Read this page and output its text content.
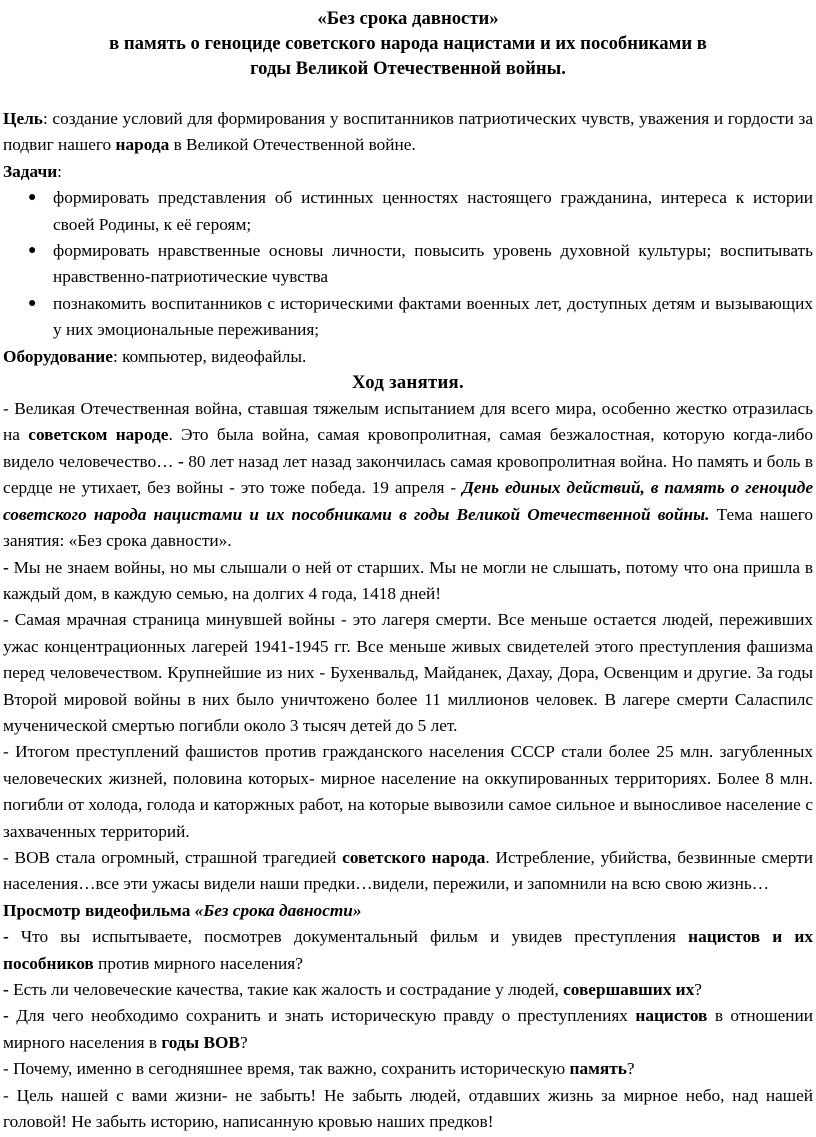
«Без срока давности»
в память о геноциде советского народа нацистами и их пособниками в
годы Великой Отечественной войны.

Цель: создание условий для формирования у воспитанников патриотических чувств, уважения и гордости за подвиг нашего народа в Великой Отечественной войне.

Задачи:

● формировать представления об истинных ценностях настоящего гражданина, интереса к истории своей Родины, к её героям;
● формировать нравственные основы личности, повысить уровень духовной культуры; воспитывать нравственно-патриотические чувства
● познакомить воспитанников с историческими фактами военных лет, доступных детям и вызывающих у них эмоциональные переживания;

Оборудование: компьютер, видеофайлы.

Ход занятия.

- Великая Отечественная война, ставшая тяжелым испытанием для всего мира, особенно жестко отразилась на советском народе. Это была война, самая кровопролитная, самая безжалостная, которую когда-либо видело человечество… - 80 лет назад лет назад закончилась самая кровопролитная война. Но память и боль в сердце не утихает, без войны - это тоже победа. 19 апреля - День единых действий, в память о геноциде советского народа нацистами и их пособниками в годы Великой Отечественной войны. Тема нашего занятия: «Без срока давности».

- Мы не знаем войны, но мы слышали о ней от старших. Мы не могли не слышать, потому что она пришла в каждый дом, в каждую семью, на долгих 4 года, 1418 дней!

- Самая мрачная страница минувшей войны - это лагеря смерти. Все меньше остается людей, переживших ужас концентрационных лагерей 1941-1945 гг. Все меньше живых свидетелей этого преступления фашизма перед человечеством. Крупнейшие из них - Бухенвальд, Майданек, Дахау, Дора, Освенцим и другие. За годы Второй мировой войны в них было уничтожено более 11 миллионов человек. В лагере смерти Саласпилс мученической смертью погибли около 3 тысяч детей до 5 лет.

- Итогом преступлений фашистов против гражданского населения СССР стали более 25 млн. загубленных человеческих жизней, половина которых- мирное население на оккупированных территориях. Более 8 млн. погибли от холода, голода и каторжных работ, на которые вывозили самое сильное и выносливое население с захваченных территорий.

- ВОВ стала огромный, страшной трагедией советского народа. Истребление, убийства, безвинные смерти населения…все эти ужасы видели наши предки…видели, пережили, и запомнили на всю свою жизнь…

Просмотр видеофильма «Без срока давности»

- Что вы испытываете, посмотрев документальный фильм и увидев преступления нацистов и их пособников против мирного населения?

- Есть ли человеческие качества, такие как жалость и сострадание у людей, совершавших их?

- Для чего необходимо сохранить и знать историческую правду о преступлениях нацистов в отношении мирного населения в годы ВОВ?

- Почему, именно в сегодняшнее время, так важно, сохранить историческую память?

- Цель нашей с вами жизни- не забыть! Не забыть людей, отдавших жизнь за мирное небо, над нашей головой! Не забыть историю, написанную кровью наших предков!
